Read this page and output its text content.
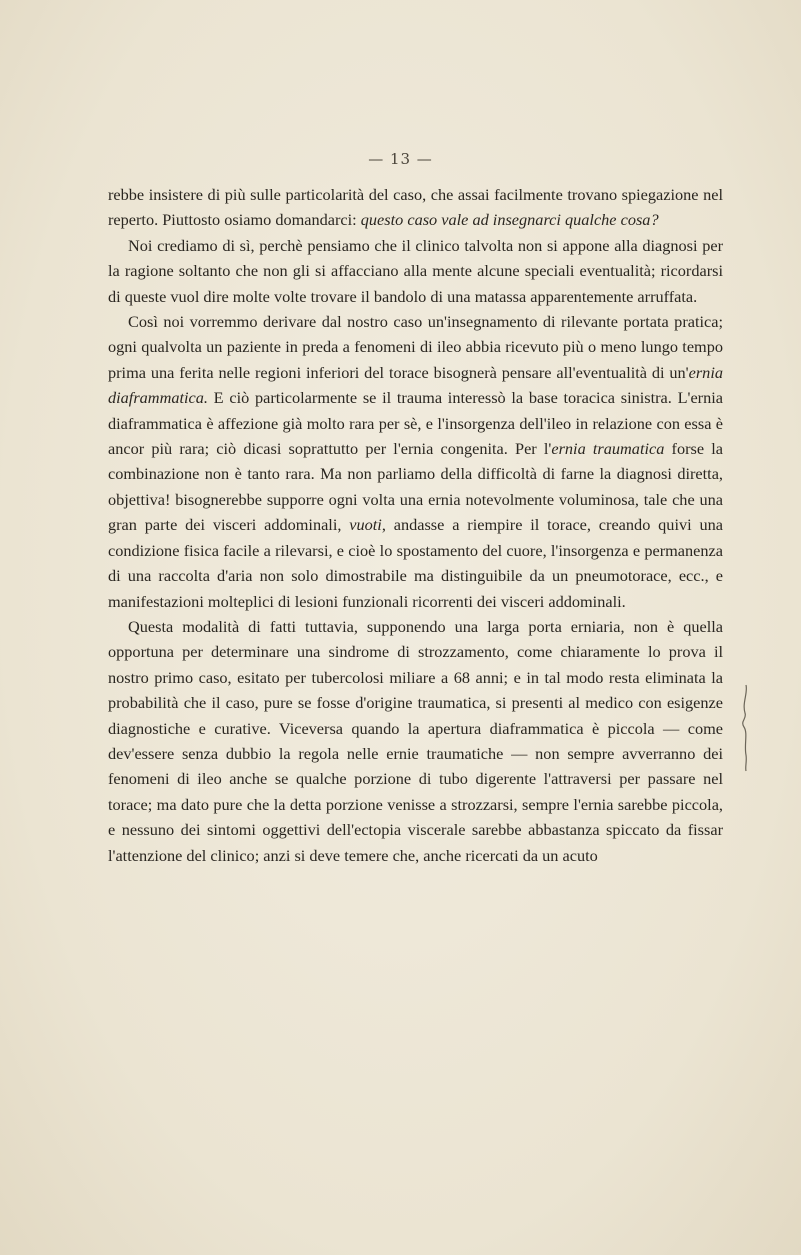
— 13 —

rebbe insistere di più sulle particolarità del caso, che assai facilmente trovano spiegazione nel reperto. Piuttosto osiamo domandarci: questo caso vale ad insegnarci qualche cosa?

Noi crediamo di sì, perchè pensiamo che il clinico talvolta non si appone alla diagnosi per la ragione soltanto che non gli si affacciano alla mente alcune speciali eventualità; ricordarsi di queste vuol dire molte volte trovare il bandolo di una matassa apparentemente arruffata.

Così noi vorremmo derivare dal nostro caso un'insegnamento di rilevante portata pratica; ogni qualvolta un paziente in preda a fenomeni di ileo abbia ricevuto più o meno lungo tempo prima una ferita nelle regioni inferiori del torace bisognerà pensare all'eventualità di un'ernia diaframmatica. E ciò particolarmente se il trauma interessò la base toracica sinistra. L'ernia diaframmatica è affezione già molto rara per sè, e l'insorgenza dell'ileo in relazione con essa è ancor più rara; ciò dicasi soprattutto per l'ernia congenita. Per l'ernia traumatica forse la combinazione non è tanto rara. Ma non parliamo della difficoltà di farne la diagnosi diretta, objettiva! bisognerebbe supporre ogni volta una ernia notevolmente voluminosa, tale che una gran parte dei visceri addominali, vuoti, andasse a riempire il torace, creando quivi una condizione fisica facile a rilevarsi, e cioè lo spostamento del cuore, l'insorgenza e permanenza di una raccolta d'aria non solo dimostrabile ma distinguibile da un pneumotorace, ecc., e manifestazioni molteplici di lesioni funzionali ricorrenti dei visceri addominali.

Questa modalità di fatti tuttavia, supponendo una larga porta erniaria, non è quella opportuna per determinare una sindrome di strozzamento, come chiaramente lo prova il nostro primo caso, esitato per tubercolosi miliare a 68 anni; e in tal modo resta eliminata la probabilità che il caso, pure se fosse d'origine traumatica, si presenti al medico con esigenze diagnostiche e curative. Viceversa quando la apertura diaframmatica è piccola — come dev'essere senza dubbio la regola nelle ernie traumatiche — non sempre avverranno dei fenomeni di ileo anche se qualche porzione di tubo digerente l'attraversi per passare nel torace; ma dato pure che la detta porzione venisse a strozzarsi, sempre l'ernia sarebbe piccola, e nessuno dei sintomi oggettivi dell'ectopia viscerale sarebbe abbastanza spiccato da fissar l'attenzione del clinico; anzi si deve temere che, anche ricercati da un acuto
